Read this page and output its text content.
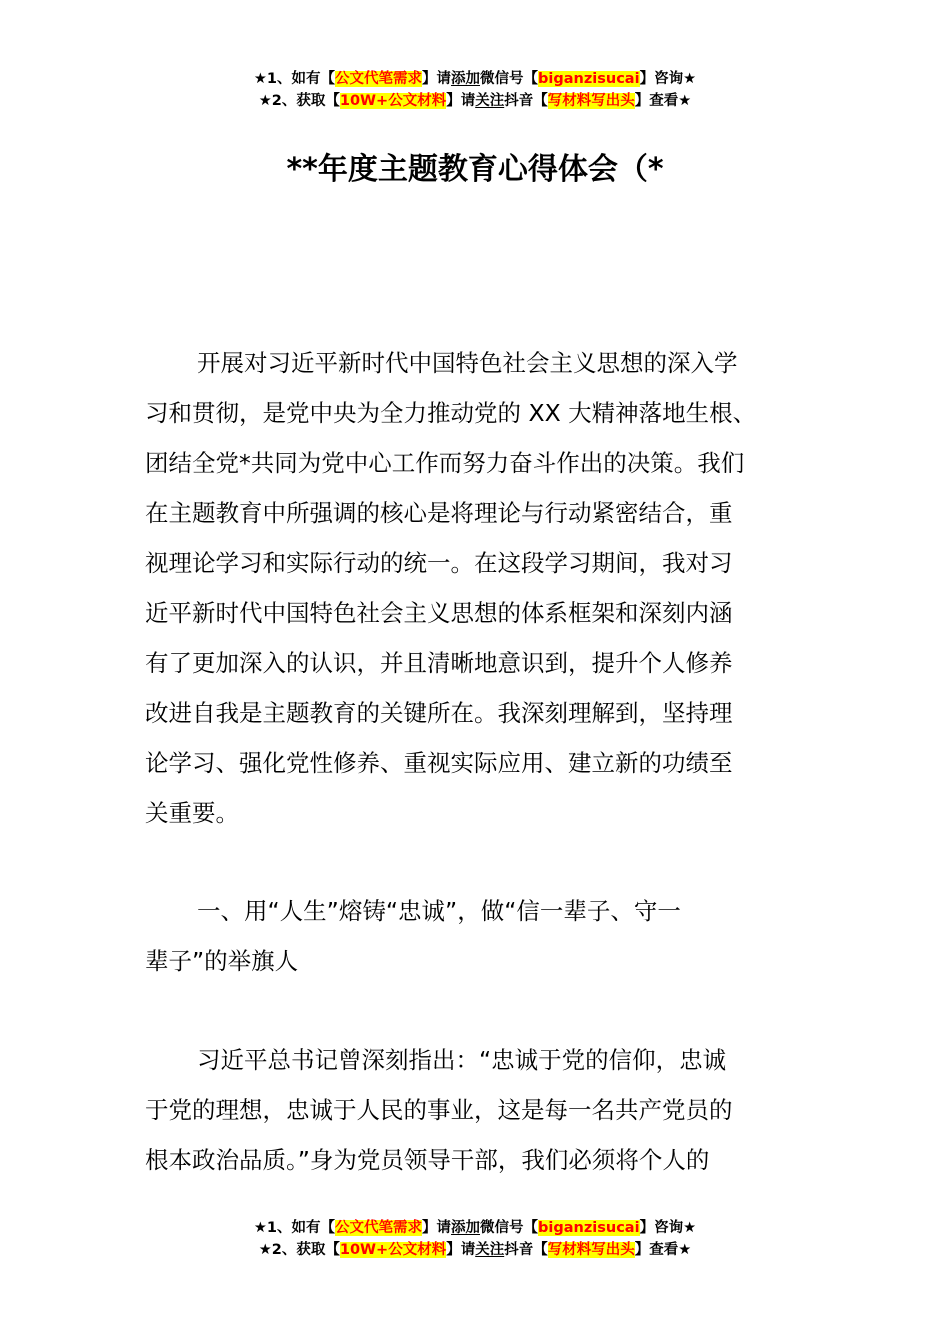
★1、如有【公文代笔需求】请添加微信号【biganzisucai】咨询★
★2、获取【10W+公文材料】请关注抖音【写材料写出头】查看★
**年度主题教育心得体会（*
开展对习近平新时代中国特色社会主义思想的深入学
习和贯彻，是党中央为全力推动党的 XX 大精神落地生根、
团结全党*共同为党中心工作而努力奋斗作出的决策。我们
在主题教育中所强调的核心是将理论与行动紧密结合，重
视理论学习和实际行动的统一。在这段学习期间，我对习
近平新时代中国特色社会主义思想的体系框架和深刻内涵
有了更加深入的认识，并且清晰地意识到，提升个人修养
改进自我是主题教育的关键所在。我深刻理解到，坚持理
论学习、强化党性修养、重视实际应用、建立新的功绩至
关重要。
一、用“人生”熔铸“忠诚”，做“信一辈子、守一
辈子”的举旗人
习近平总书记曾深刻指出：“忠诚于党的信仰，忠诚
于党的理想，忠诚于人民的事业，这是每一名共产党员的
根本政治品质。”身为党员领导干部，我们必须将个人的
★1、如有【公文代笔需求】请添加微信号【biganzisucai】咨询★
★2、获取【10W+公文材料】请关注抖音【写材料写出头】查看★
